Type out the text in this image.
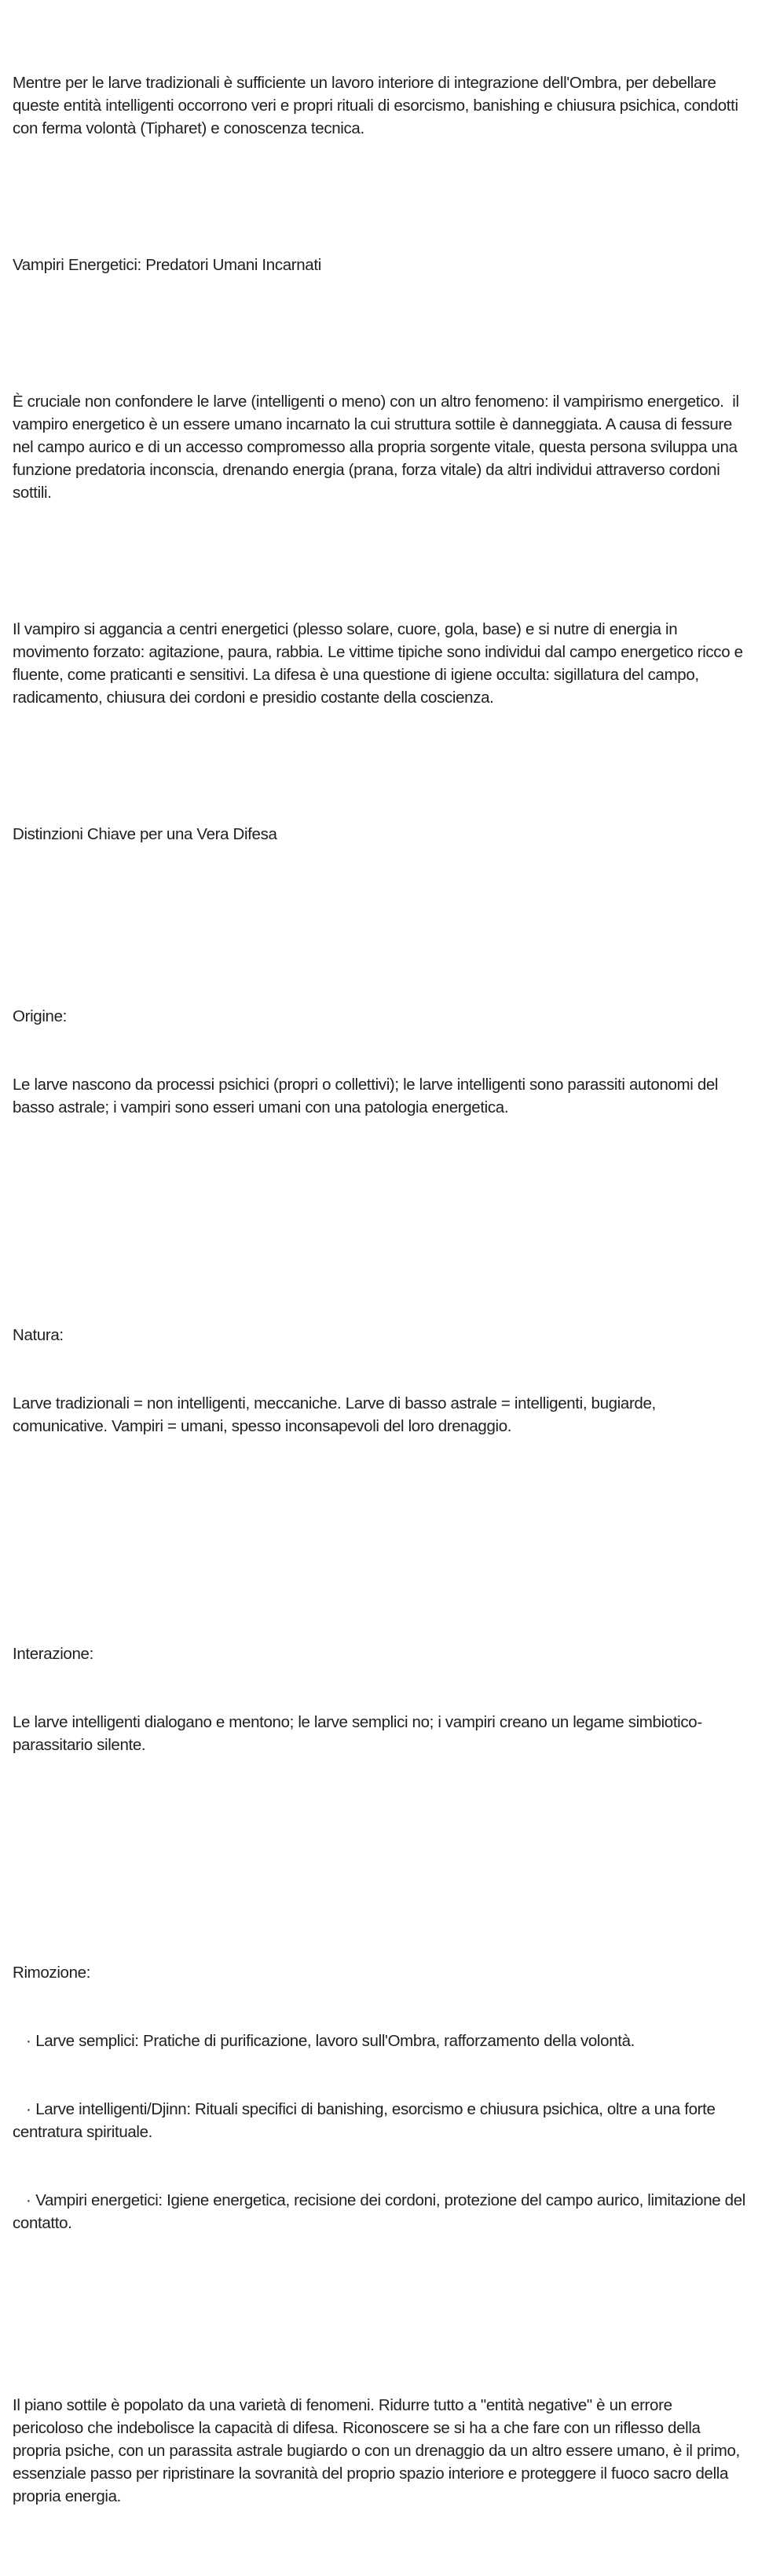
Mentre per le larve tradizionali è sufficiente un lavoro interiore di integrazione dell'Ombra, per debellare queste entità intelligenti occorrono veri e propri rituali di esorcismo, banishing e chiusura psichica, condotti con ferma volontà (Tipharet) e conoscenza tecnica.

Vampiri Energetici: Predatori Umani Incarnati

È cruciale non confondere le larve (intelligenti o meno) con un altro fenomeno: il vampirismo energetico.  il vampiro energetico è un essere umano incarnato la cui struttura sottile è danneggiata. A causa di fessure nel campo aurico e di un accesso compromesso alla propria sorgente vitale, questa persona sviluppa una funzione predatoria inconscia, drenando energia (prana, forza vitale) da altri individui attraverso cordoni sottili.

Il vampiro si aggancia a centri energetici (plesso solare, cuore, gola, base) e si nutre di energia in movimento forzato: agitazione, paura, rabbia. Le vittime tipiche sono individui dal campo energetico ricco e fluente, come praticanti e sensitivi. La difesa è una questione di igiene occulta: sigillatura del campo, radicamento, chiusura dei cordoni e presidio costante della coscienza.

Distinzioni Chiave per una Vera Difesa

Origine:

Le larve nascono da processi psichici (propri o collettivi); le larve intelligenti sono parassiti autonomi del basso astrale; i vampiri sono esseri umani con una patologia energetica.

Natura:

Larve tradizionali = non intelligenti, meccaniche. Larve di basso astrale = intelligenti, bugiarde, comunicative. Vampiri = umani, spesso inconsapevoli del loro drenaggio.

Interazione:

Le larve intelligenti dialogano e mentono; le larve semplici no; i vampiri creano un legame simbiotico-parassitario silente.

Rimozione:

· Larve semplici: Pratiche di purificazione, lavoro sull'Ombra, rafforzamento della volontà.

· Larve intelligenti/Djinn: Rituali specifici di banishing, esorcismo e chiusura psichica, oltre a una forte centratura spirituale.

· Vampiri energetici: Igiene energetica, recisione dei cordoni, protezione del campo aurico, limitazione del contatto.

Il piano sottile è popolato da una varietà di fenomeni. Ridurre tutto a "entità negative" è un errore pericoloso che indebolisce la capacità di difesa. Riconoscere se si ha a che fare con un riflesso della propria psiche, con un parassita astrale bugiardo o con un drenaggio da un altro essere umano, è il primo, essenziale passo per ripristinare la sovranità del proprio spazio interiore e proteggere il fuoco sacro della propria energia.
